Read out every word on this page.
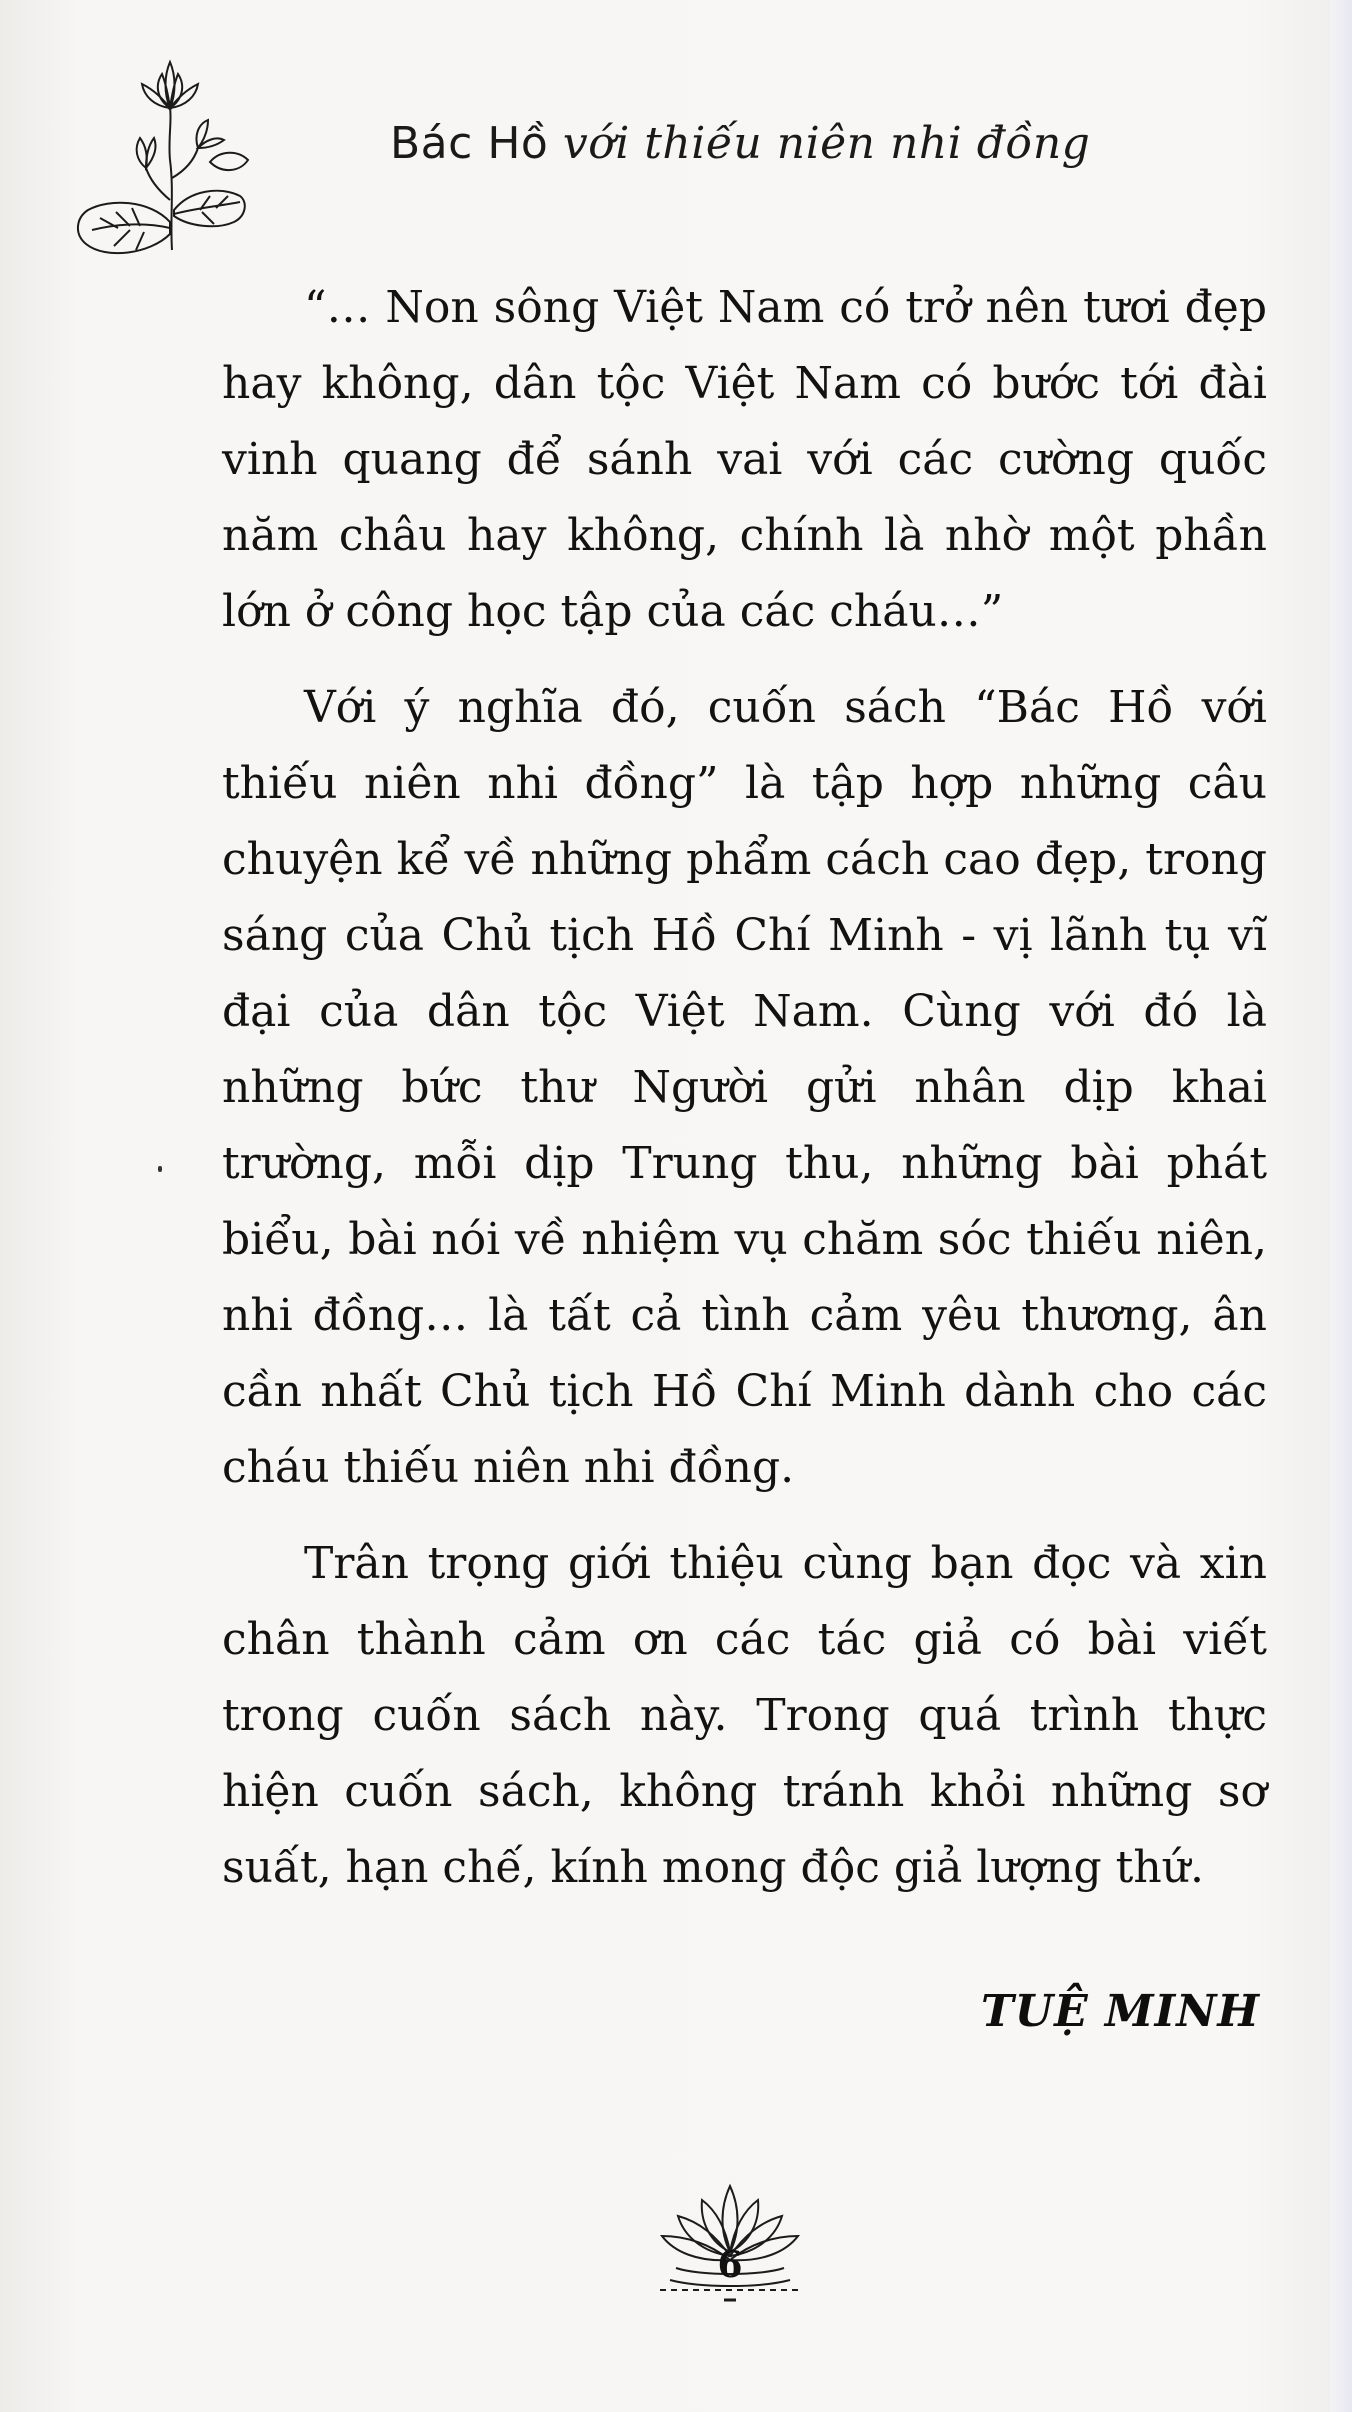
Bác Hồ với thiếu niên nhi đồng

“… Non sông Việt Nam có trở nên tươi đẹp hay không, dân tộc Việt Nam có bước tới đài vinh quang để sánh vai với các cường quốc năm châu hay không, chính là nhờ một phần lớn ở công học tập của các cháu…”

Với ý nghĩa đó, cuốn sách “Bác Hồ với thiếu niên nhi đồng” là tập hợp những câu chuyện kể về những phẩm cách cao đẹp, trong sáng của Chủ tịch Hồ Chí Minh - vị lãnh tụ vĩ đại của dân tộc Việt Nam. Cùng với đó là những bức thư Người gửi nhân dịp khai trường, mỗi dịp Trung thu, những bài phát biểu, bài nói về nhiệm vụ chăm sóc thiếu niên, nhi đồng… là tất cả tình cảm yêu thương, ân cần nhất Chủ tịch Hồ Chí Minh dành cho các cháu thiếu niên nhi đồng.

Trân trọng giới thiệu cùng bạn đọc và xin chân thành cảm ơn các tác giả có bài viết trong cuốn sách này. Trong quá trình thực hiện cuốn sách, không tránh khỏi những sơ suất, hạn chế, kính mong độc giả lượng thứ.

TUỆ MINH
6
